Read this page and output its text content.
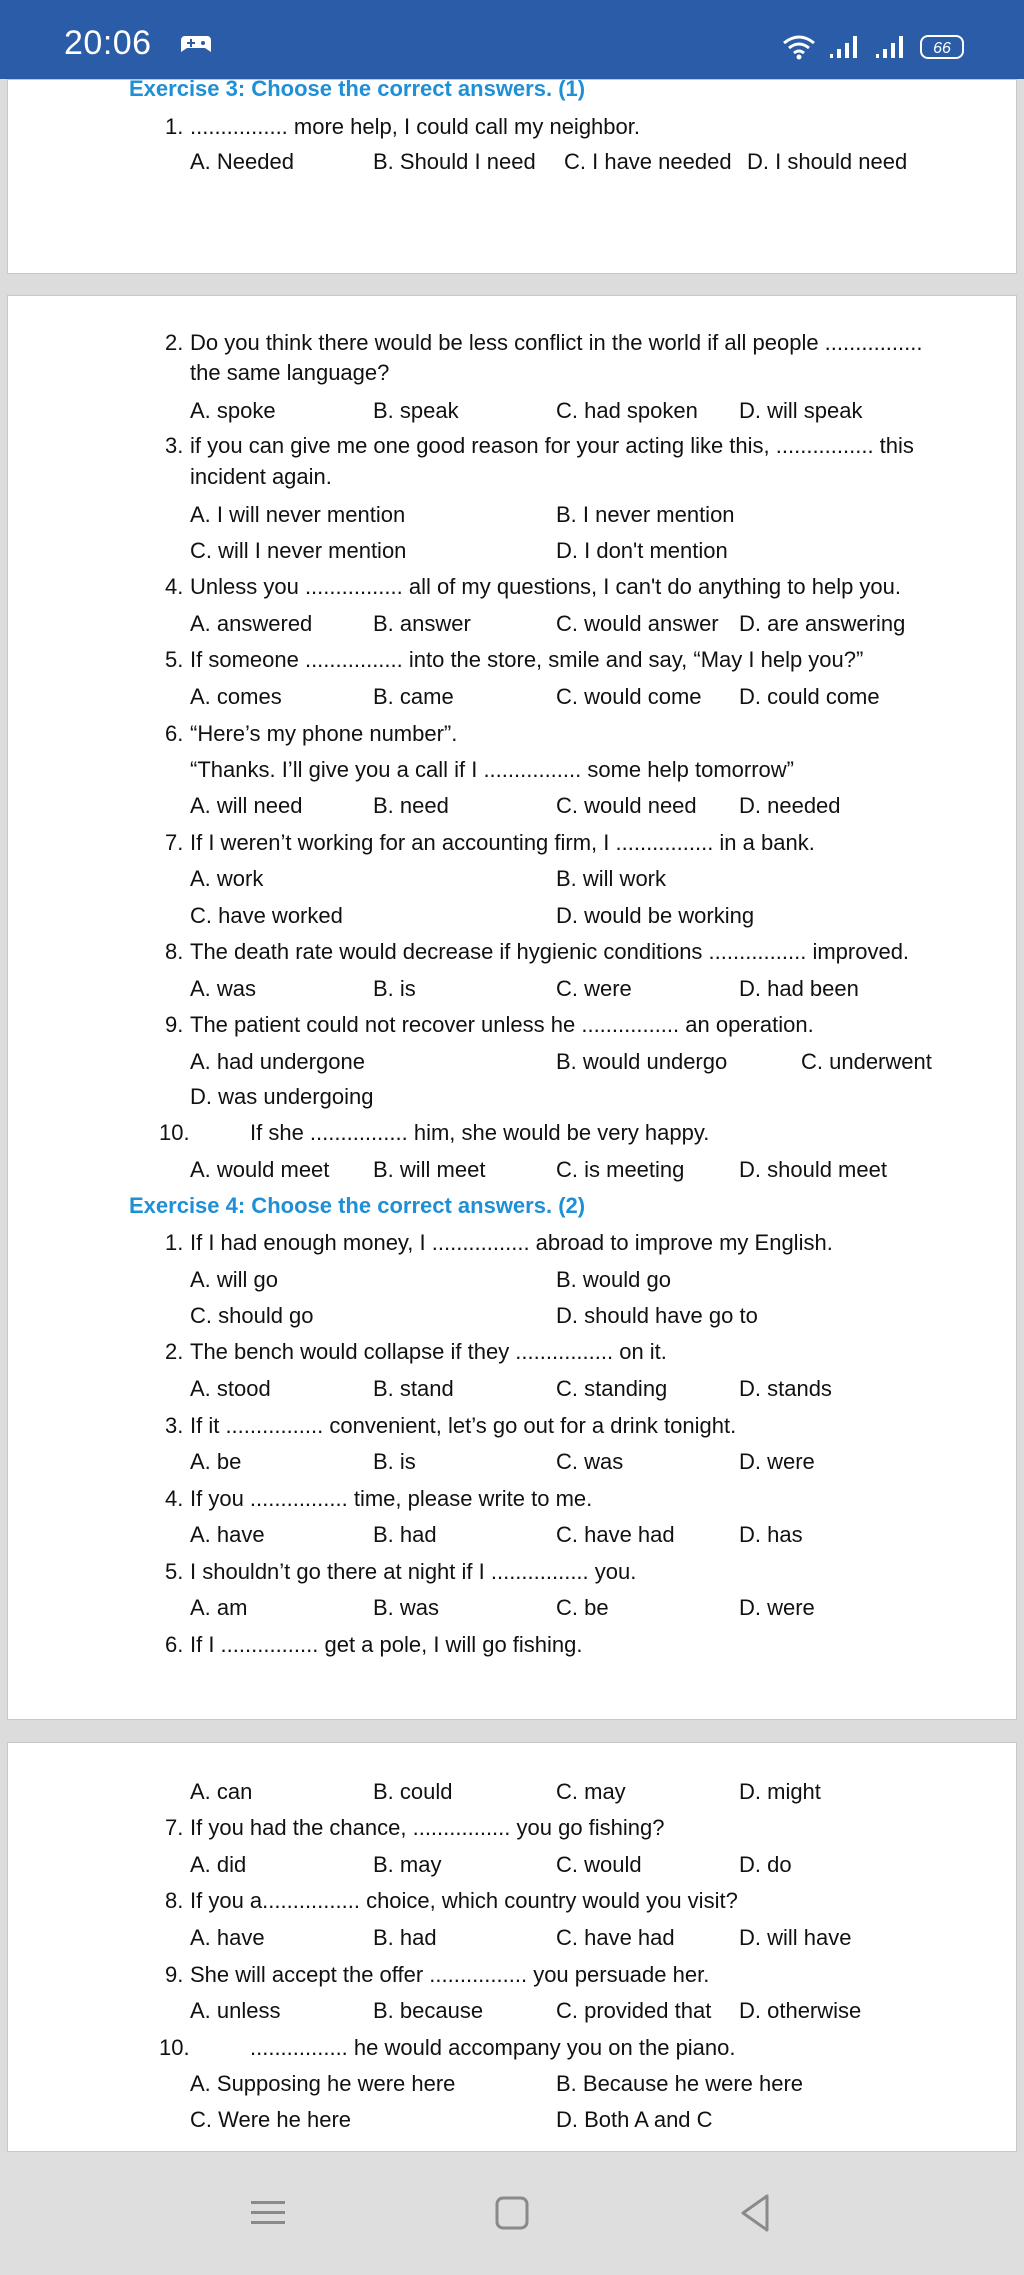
20:06	66
Exercise 3: Choose the correct answers. (1)
1. ................ more help, I could call my neighbor.
A. Needed	B. Should I need C. I have needed D. I should need
2. Do you think there would be less conflict in the world if all people ................
the same language?
A. spoke	B. speak	C. had spoken D. will speak
3. if you can give me one good reason for your acting like this, ................ this
incident again.
A. I will never mention	B. I never mention
C. will I never mention	D. I don't mention
4. Unless you ................ all of my questions, I can't do anything to help you.
A. answered	B. answer	C. would answer D. are answering
5. If someone ................ into the store, smile and say, “May I help you?”
A. comes	B. came	C. would come D. could come
6. “Here’s my phone number”.
“Thanks. I’ll give you a call if I ................ some help tomorrow”
A. will need	B. need	C. would need D. needed
7. If I weren’t working for an accounting firm, I ................ in a bank.
A. work	B. will work
C. have worked	D. would be working
8. The death rate would decrease if hygienic conditions ................ improved.
A. was	B. is	C. were	D. had been
9. The patient could not recover unless he ................ an operation.
A. had undergone	B. would undergo	C. underwent
D. was undergoing
10.	If she ................ him, she would be very happy.
A. would meet B. will meet	C. is meeting D. should meet
Exercise 4: Choose the correct answers. (2)
1. If I had enough money, I ................ abroad to improve my English.
A. will go	B. would go
C. should go	D. should have go to
2. The bench would collapse if they ................ on it.
A. stood	B. stand	C. standing	D. stands
3. If it ................ convenient, let’s go out for a drink tonight.
A. be	B. is	C. was	D. were
4. If you ................ time, please write to me.
A. have	B. had	C. have had	D. has
5. I shouldn’t go there at night if I ................ you.
A. am	B. was	C. be	D. were
6. If I ................ get a pole, I will go fishing.
A. can	B. could	C. may	D. might
7. If you had the chance, ................ you go fishing?
A. did	B. may	C. would	D. do
8. If you a................ choice, which country would you visit?
A. have	B. had	C. have had	D. will have
9. She will accept the offer ................ you persuade her.
A. unless	B. because	C. provided that D. otherwise
10.	................ he would accompany you on the piano.
A. Supposing he were here	B. Because he were here
C. Were he here	D. Both A and C
